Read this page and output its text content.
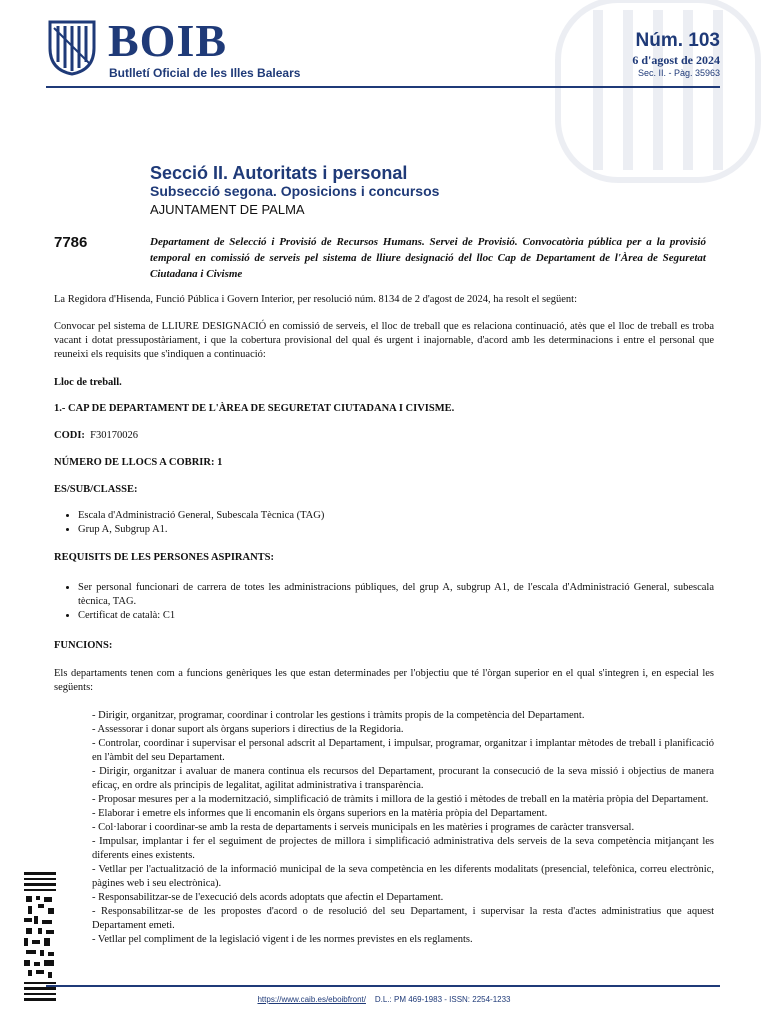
BOIB
Butlletí Oficial de les Illes Balears
Núm. 103
6 d'agost de 2024
Sec. II. - Pàg. 35963
Secció II. Autoritats i personal
Subsecció segona. Oposicions i concursos
AJUNTAMENT DE PALMA
7786	Departament de Selecció i Provisió de Recursos Humans. Servei de Provisió. Convocatòria pública per a la provisió temporal en comissió de serveis pel sistema de lliure designació del lloc Cap de Departament de l'Àrea de Seguretat Ciutadana i Civisme
La Regidora d'Hisenda, Funció Pública i Govern Interior, per resolució núm. 8134 de 2 d'agost de 2024, ha resolt el següent:
Convocar pel sistema de LLIURE DESIGNACIÓ en comissió de serveis, el lloc de treball que es relaciona continuació, atès que el lloc de treball es troba vacant i dotat pressupostàriament, i que la cobertura provisional del qual és urgent i inajornable, d'acord amb les determinacions i entre el personal que reuneixi els requisits que s'indiquen a continuació:
Lloc de treball.
1.- CAP DE DEPARTAMENT DE L'ÀREA DE SEGURETAT CIUTADANA I CIVISME.
CODI: F30170026
NÚMERO DE LLOCS A COBRIR: 1
ES/SUB/CLASSE:
• Escala d'Administració General, Subescala Tècnica (TAG)
• Grup A, Subgrup A1.
REQUISITS DE LES PERSONES ASPIRANTS:
• Ser personal funcionari de carrera de totes les administracions públiques, del grup A, subgrup A1, de l'escala d'Administració General, subescala tècnica, TAG.
• Certificat de català: C1
FUNCIONS:
Els departaments tenen com a funcions genèriques les que estan determinades per l'objectiu que té l'òrgan superior en el qual s'integren i, en especial les següents:
- Dirigir, organitzar, programar, coordinar i controlar les gestions i tràmits propis de la competència del Departament.
- Assessorar i donar suport als òrgans superiors i directius de la Regidoria.
- Controlar, coordinar i supervisar el personal adscrit al Departament, i impulsar, programar, organitzar i implantar mètodes de treball i planificació en l'àmbit del seu Departament.
- Dirigir, organitzar i avaluar de manera continua els recursos del Departament, procurant la consecució de la seva missió i objectius de manera eficaç, en ordre als principis de legalitat, agilitat administrativa i transparència.
- Proposar mesures per a la modernització, simplificació de tràmits i millora de la gestió i mètodes de treball en la matèria pròpia del Departament.
- Elaborar i emetre els informes que li encomanin els òrgans superiors en la matèria pròpia del Departament.
- Col·laborar i coordinar-se amb la resta de departaments i serveis municipals en les matèries i programes de caràcter transversal.
- Impulsar, implantar i fer el seguiment de projectes de millora i simplificació administrativa dels serveis de la seva competència mitjançant les diferents eines existents.
- Vetllar per l'actualització de la informació municipal de la seva competència en les diferents modalitats (presencial, telefònica, correu electrònic, pàgines web i seu electrònica).
- Responsabilitzar-se de l'execució dels acords adoptats que afectin el Departament.
- Responsabilitzar-se de les propostes d'acord o de resolució del seu Departament, i supervisar la resta d'actes administratius que aquest Departament emeti.
- Vetllar pel compliment de la legislació vigent i de les normes previstes en els reglaments.
https://www.caib.es/eboibfront/ D.L.: PM 469-1983 - ISSN: 2254-1233
